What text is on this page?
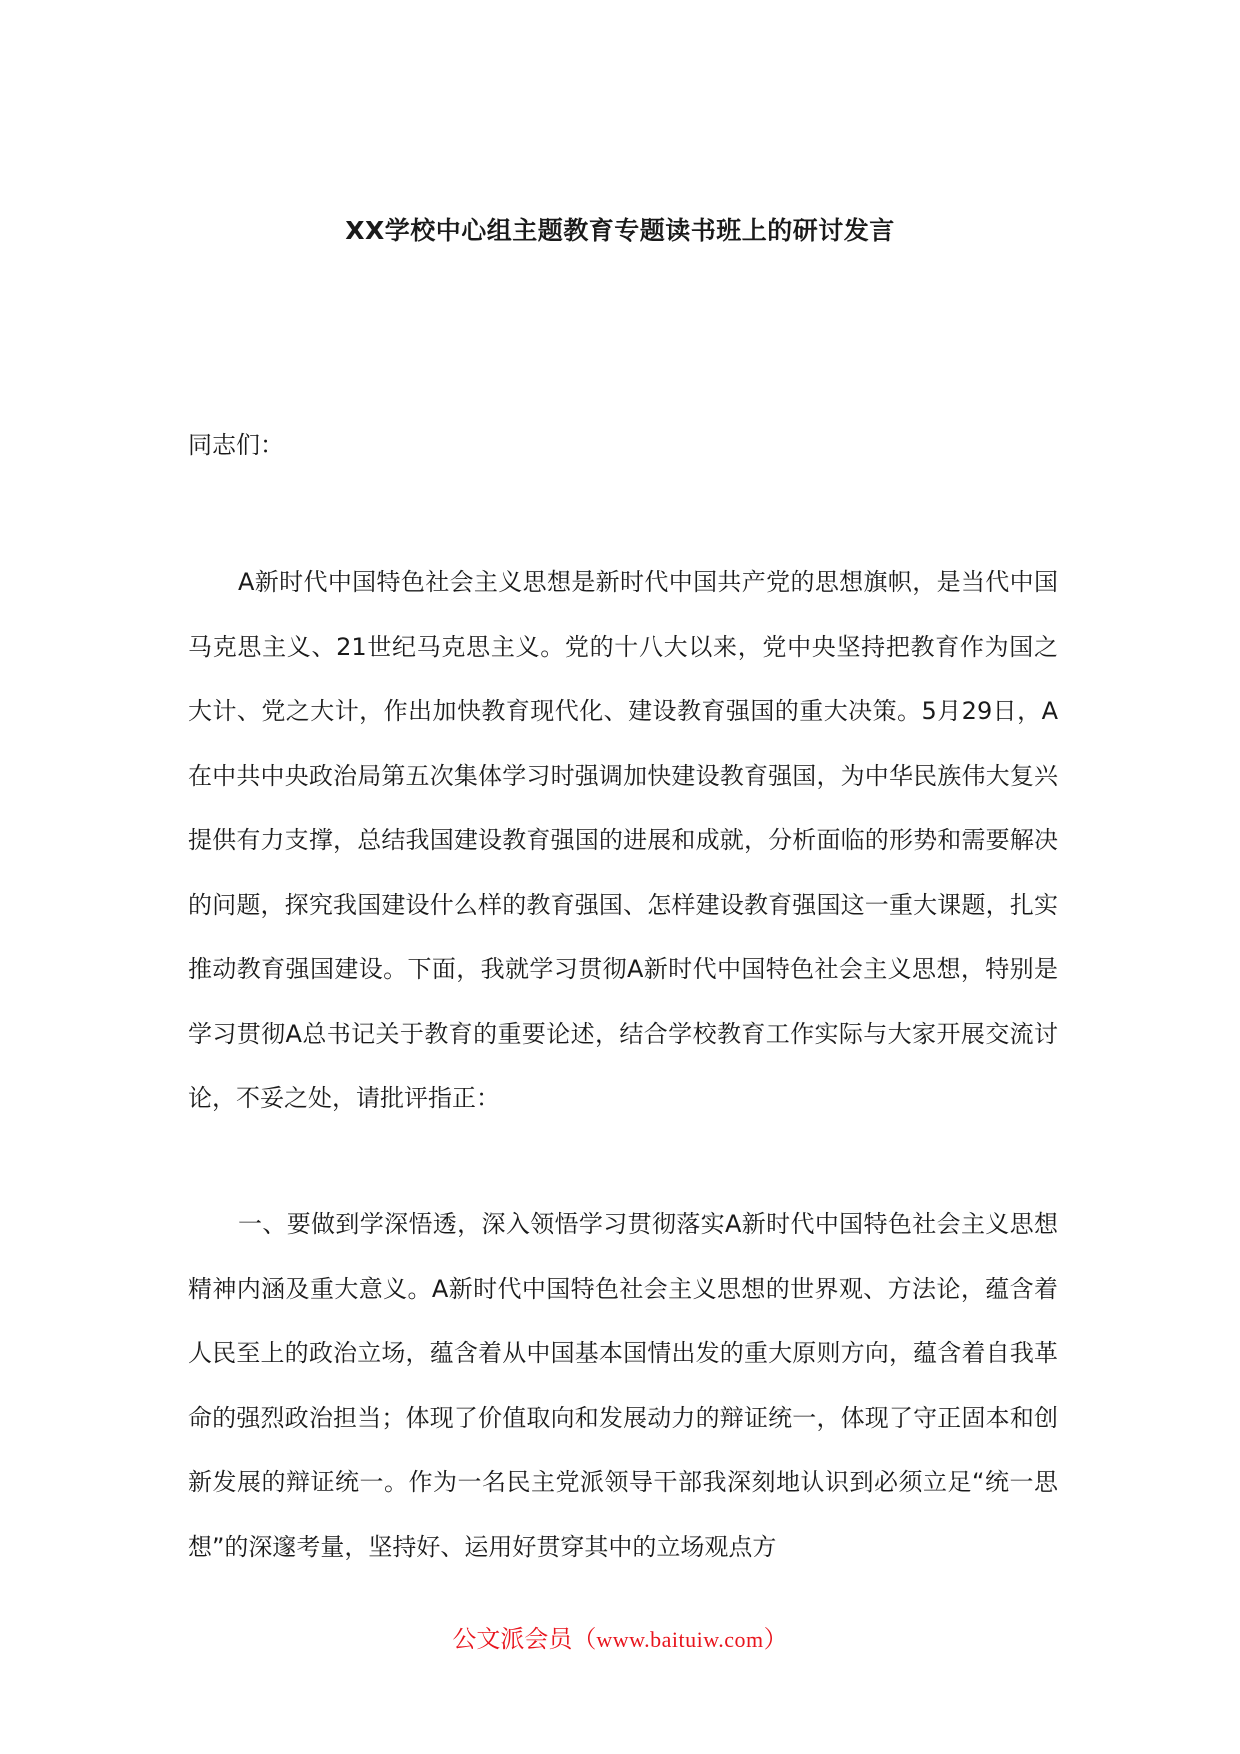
XX学校中心组主题教育专题读书班上的研讨发言
同志们：

A新时代中国特色社会主义思想是新时代中国共产党的思想旗帜，是当代中国马克思主义、21世纪马克思主义。党的十八大以来，党中央坚持把教育作为国之大计、党之大计，作出加快教育现代化、建设教育强国的重大决策。5月29日，A在中共中央政治局第五次集体学习时强调加快建设教育强国，为中华民族伟大复兴提供有力支撑，总结我国建设教育强国的进展和成就，分析面临的形势和需要解决的问题，探究我国建设什么样的教育强国、怎样建设教育强国这一重大课题，扎实推动教育强国建设。下面，我就学习贯彻A新时代中国特色社会主义思想，特别是学习贯彻A总书记关于教育的重要论述，结合学校教育工作实际与大家开展交流讨论，不妥之处，请批评指正：

一、要做到学深悟透，深入领悟学习贯彻落实A新时代中国特色社会主义思想精神内涵及重大意义。A新时代中国特色社会主义思想的世界观、方法论，蕴含着人民至上的政治立场，蕴含着从中国基本国情出发的重大原则方向，蕴含着自我革命的强烈政治担当；体现了价值取向和发展动力的辩证统一，体现了守正固本和创新发展的辩证统一。作为一名民主党派领导干部我深刻地认识到必须立足“统一思想”的深邃考量，坚持好、运用好贯穿其中的立场观点方

公文派会员（www.baituiw.com）
